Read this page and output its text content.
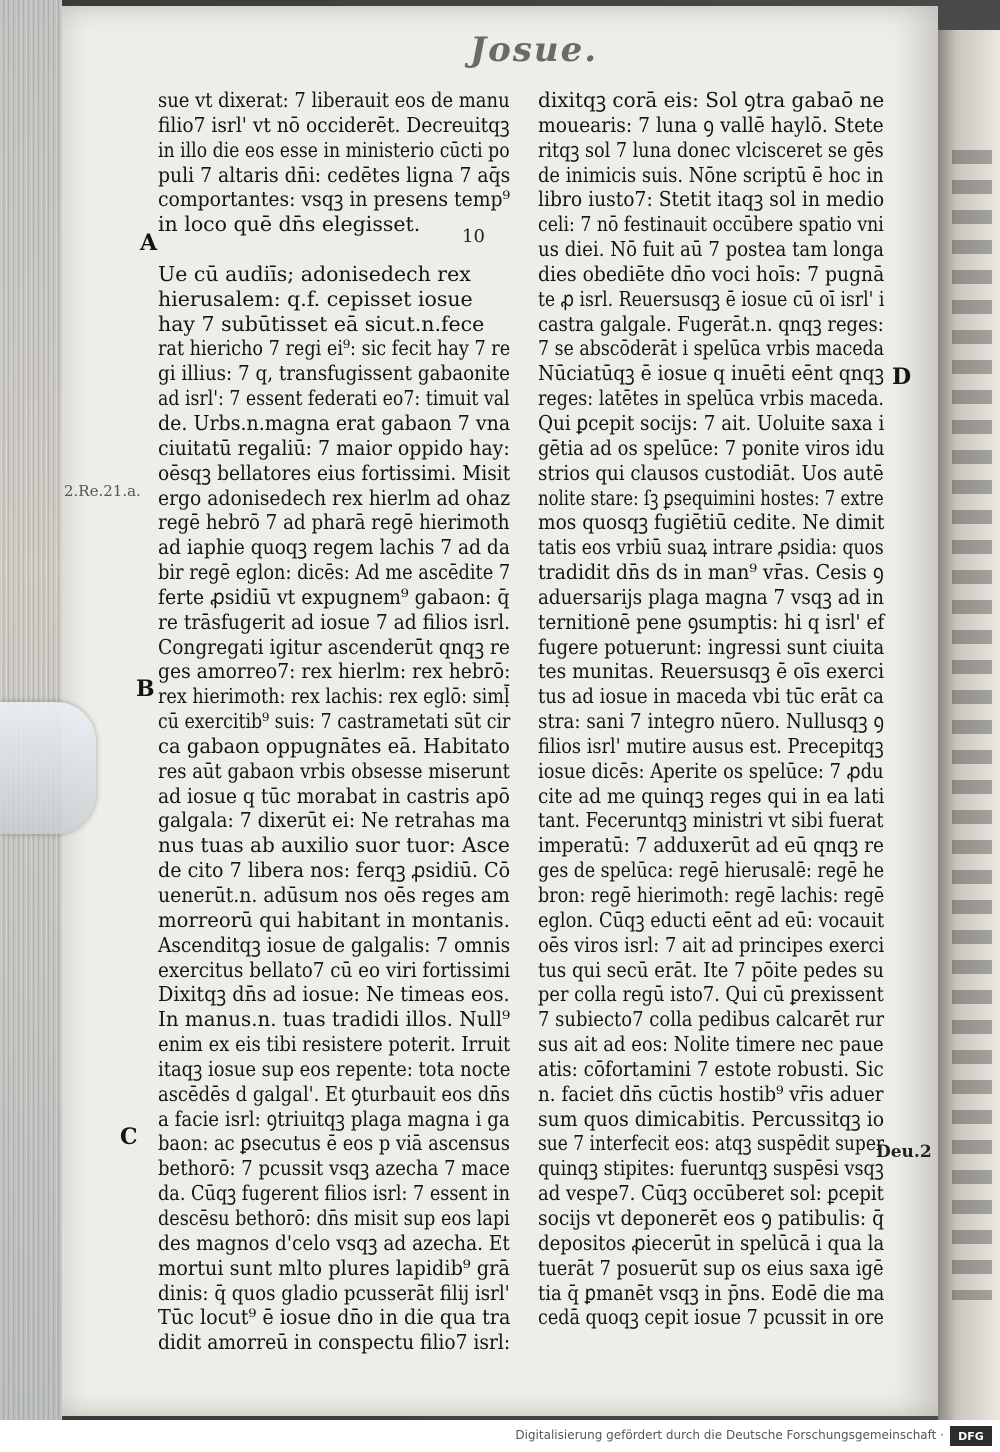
Josue.
10
A
B
C
D
2.Re.21.a.
Deu.2
sue vt dixerat: 7 liberauit eos de manu
filio7 isrl' vt nō occiderēt. Decreuitqꝫ
in illo die eos esse in ministerio cūcti po
puli 7 altaris dn̄i: cedētes ligna 7 aq̄s
comportantes: vsqꝫ in presens temp⁹
in loco quē dn̄s elegisset.
Ue cū audiīs; adonisedech rex
hierusalem: q.f. cepisset iosue
hay 7 subūtisset eā sicut.n.fece
rat hiericho 7 regi ei⁹: sic fecit hay 7 re
gi illius: 7 q, transfugissent gabaonite
ad isrl': 7 essent federati eo7: timuit val
de. Urbs.n.magna erat gabaon 7 vna
ciuitatū regaliū: 7 maior oppido hay:
oēsqꝫ bellatores eius fortissimi. Misit
ergo adonisedech rex hierlm ad ohaz
regē hebrō 7 ad pharā regē hierimoth
ad iaphie quoqꝫ regem lachis 7 ad da
bir regē eglon: dicēs: Ad me ascēdite 7
ferte ꝓsidiū vt expugnem⁹ gabaon: q̄
re trāsfugerit ad iosue 7 ad filios isrl.
Congregati igitur ascenderūt qnqꝫ re
ges amorreo7: rex hierlm: rex hebrō:
rex hierimoth: rex lachis: rex eglō: simḹ
cū exercitib⁹ suis: 7 castrametati sūt cir
ca gabaon oppugnātes eā. Habitato
res aūt gabaon vrbis obsesse miserunt
ad iosue q tūc morabat in castris apō
galgala: 7 dixerūt ei: Ne retrahas ma
nus tuas ab auxilio suor tuor: Asce
de cito 7 libera nos: ferqꝫ ꝓsidiū. Cō
uenerūt.n. adūsum nos oēs reges am
morreorū qui habitant in montanis.
Ascenditqꝫ iosue de galgalis: 7 omnis
exercitus bellato7 cū eo viri fortissimi
Dixitqꝫ dn̄s ad iosue: Ne timeas eos.
In manus.n. tuas tradidi illos. Null⁹
enim ex eis tibi resistere poterit. Irruit
itaqꝫ iosue sup eos repente: tota nocte
ascēdēs d galgal'. Et ꝯturbauit eos dn̄s
a facie isrl: ꝯtriuitqꝫ plaga magna i ga
baon: ac ꝑsecutus ē eos p viā ascensus
bethorō: 7 pcussit vsqꝫ azecha 7 mace
da. Cūqꝫ fugerent filios isrl: 7 essent in
descēsu bethorō: dn̄s misit sup eos lapi
des magnos d'celo vsqꝫ ad azecha. Et
mortui sunt mlto plures lapidib⁹ grā
dinis: q̄ quos gladio pcusserāt filij isrl'
Tūc locut⁹ ē iosue dn̄o in die qua tra
didit amorreū in conspectu filio7 isrl:
dixitqꝫ corā eis: Sol ꝯtra gabaō ne
mouearis: 7 luna ꝯ vallē haylō. Stete
ritqꝫ sol 7 luna donec vlcisceret se gēs
de inimicis suis. Nōne scriptū ē hoc in
libro iusto7: Stetit itaqꝫ sol in medio
celi: 7 nō festinauit occūbere spatio vni
us diei. Nō fuit aū 7 postea tam longa
dies obediēte dn̄o voci hoīs: 7 pugnā
te ꝓ isrl. Reuersusqꝫ ē iosue cū oī isrl' i
castra galgale. Fugerāt.n. qnqꝫ reges:
7 se abscōderāt i spelūca vrbis maceda
Nūciatūqꝫ ē iosue q inuēti eēnt qnqꝫ
reges: latētes in spelūca vrbis maceda.
Qui ꝑcepit socijs: 7 ait. Uoluite saxa i
gētia ad os spelūce: 7 ponite viros idu
strios qui clausos custodiāt. Uos autē
nolite stare: ſꝫ ꝑsequimini hostes: 7 extre
mos quosqꝫ fugiētiū cedite. Ne dimit
tatis eos vrbiū suaꝝ intrare ꝓsidia: quos
tradidit dn̄s ds in man⁹ vr̄as. Cesis ꝯ
aduersarijs plaga magna 7 vsqꝫ ad in
ternitionē pene ꝯsumptis: hi q isrl' ef
fugere potuerunt: ingressi sunt ciuita
tes munitas. Reuersusqꝫ ē oīs exerci
tus ad iosue in maceda vbi tūc erāt ca
stra: sani 7 integro nūero. Nullusqꝫ ꝯ
filios isrl' mutire ausus est. Precepitqꝫ
iosue dicēs: Aperite os spelūce: 7 ꝓdu
cite ad me quinqꝫ reges qui in ea lati
tant. Feceruntqꝫ ministri vt sibi fuerat
imperatū: 7 adduxerūt ad eū qnqꝫ re
ges de spelūca: regē hierusalē: regē he
bron: regē hierimoth: regē lachis: regē
eglon. Cūqꝫ educti eēnt ad eū: vocauit
oēs viros isrl: 7 ait ad principes exerci
tus qui secū erāt. Ite 7 pōite pedes su
per colla regū isto7. Qui cū ꝑrexissent
7 subiecto7 colla pedibus calcarēt rur
sus ait ad eos: Nolite timere nec paue
atis: cōfortamini 7 estote robusti. Sic
n. faciet dn̄s cūctis hostib⁹ vr̄is aduer
sum quos dimicabitis. Percussitqꝫ io
sue 7 interfecit eos: atqꝫ suspēdit super
quinqꝫ stipites: fueruntqꝫ suspēsi vsqꝫ
ad vespe7. Cūqꝫ occūberet sol: ꝑcepit
socijs vt deponerēt eos ꝯ patibulis: q̄
depositos ꝓiecerūt in spelūcā i qua la
tuerāt 7 posuerūt sup os eius saxa igē
tia q̄ ꝑmanēt vsqꝫ in p̄ns. Eodē die ma
cedā quoqꝫ cepit iosue 7 pcussit in ore
Digitalisierung gefördert durch die Deutsche Forschungsgemeinschaft ·	DFG
